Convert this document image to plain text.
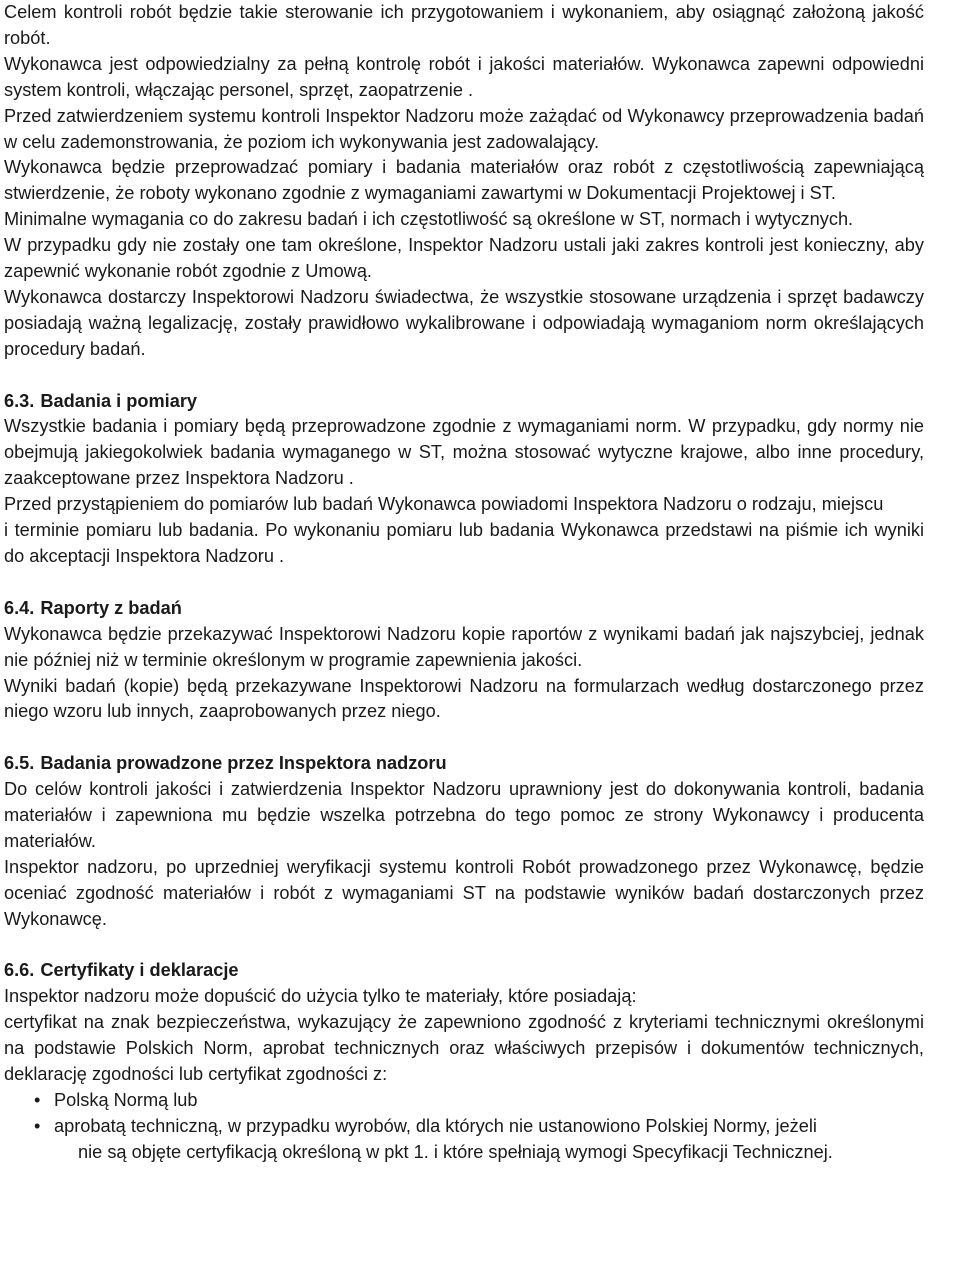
Celem kontroli robót będzie takie sterowanie ich przygotowaniem i wykonaniem, aby osiągnąć założoną jakość robót.

Wykonawca jest odpowiedzialny za pełną kontrolę robót i jakości materiałów. Wykonawca zapewni odpowiedni system kontroli, włączając personel, sprzęt, zaopatrzenie .

Przed zatwierdzeniem systemu kontroli Inspektor Nadzoru może zażądać od Wykonawcy przeprowadzenia badań w celu zademonstrowania, że poziom ich wykonywania jest zadowalający.

Wykonawca będzie przeprowadzać pomiary i badania materiałów oraz robót z częstotliwością zapewniającą stwierdzenie, że roboty wykonano zgodnie z wymaganiami zawartymi w Dokumentacji Projektowej i ST.

Minimalne wymagania co do zakresu badań i ich częstotliwość są określone w ST, normach i wytycznych.

W przypadku gdy nie zostały one tam określone, Inspektor Nadzoru ustali jaki zakres kontroli jest konieczny, aby zapewnić wykonanie robót zgodnie z Umową.

Wykonawca dostarczy Inspektorowi Nadzoru świadectwa, że wszystkie stosowane urządzenia i sprzęt badawczy posiadają ważną legalizację, zostały prawidłowo wykalibrowane i odpowiadają wymaganiom norm określających procedury badań.

6.3. Badania i pomiary

Wszystkie badania i pomiary będą przeprowadzone zgodnie z wymaganiami norm. W przypadku, gdy normy nie obejmują jakiegokolwiek badania wymaganego w ST, można stosować wytyczne krajowe, albo inne procedury, zaakceptowane przez Inspektora Nadzoru .

Przed przystąpieniem do pomiarów lub badań Wykonawca powiadomi Inspektora Nadzoru o rodzaju, miejscu

i terminie pomiaru lub badania. Po wykonaniu pomiaru lub badania Wykonawca przedstawi na piśmie ich wyniki do akceptacji Inspektora Nadzoru .

6.4. Raporty z badań

Wykonawca będzie przekazywać Inspektorowi Nadzoru kopie raportów z wynikami badań jak najszybciej, jednak nie później niż w terminie określonym w programie zapewnienia jakości.

Wyniki badań (kopie) będą przekazywane Inspektorowi Nadzoru na formularzach według dostarczonego przez niego wzoru lub innych, zaaprobowanych przez niego.

6.5. Badania prowadzone przez Inspektora nadzoru

Do celów kontroli jakości i zatwierdzenia Inspektor Nadzoru uprawniony jest do dokonywania kontroli, badania materiałów i zapewniona mu będzie wszelka potrzebna do tego pomoc ze strony Wykonawcy i producenta materiałów.

Inspektor nadzoru, po uprzedniej weryfikacji systemu kontroli Robót prowadzonego przez Wykonawcę, będzie oceniać zgodność materiałów i robót z wymaganiami ST na podstawie wyników badań dostarczonych przez Wykonawcę.

6.6. Certyfikaty i deklaracje

Inspektor nadzoru może dopuścić do użycia tylko te materiały, które posiadają:

certyfikat na znak bezpieczeństwa, wykazujący że zapewniono zgodność z kryteriami technicznymi określonymi na podstawie Polskich Norm, aprobat technicznych oraz właściwych przepisów i dokumentów technicznych, deklarację zgodności lub certyfikat zgodności z:

• Polską Normą lub
• aprobatą techniczną, w przypadku wyrobów, dla których nie ustanowiono Polskiej Normy, jeżeli
nie są objęte certyfikacją określoną w pkt 1. i które spełniają wymogi Specyfikacji Technicznej.
